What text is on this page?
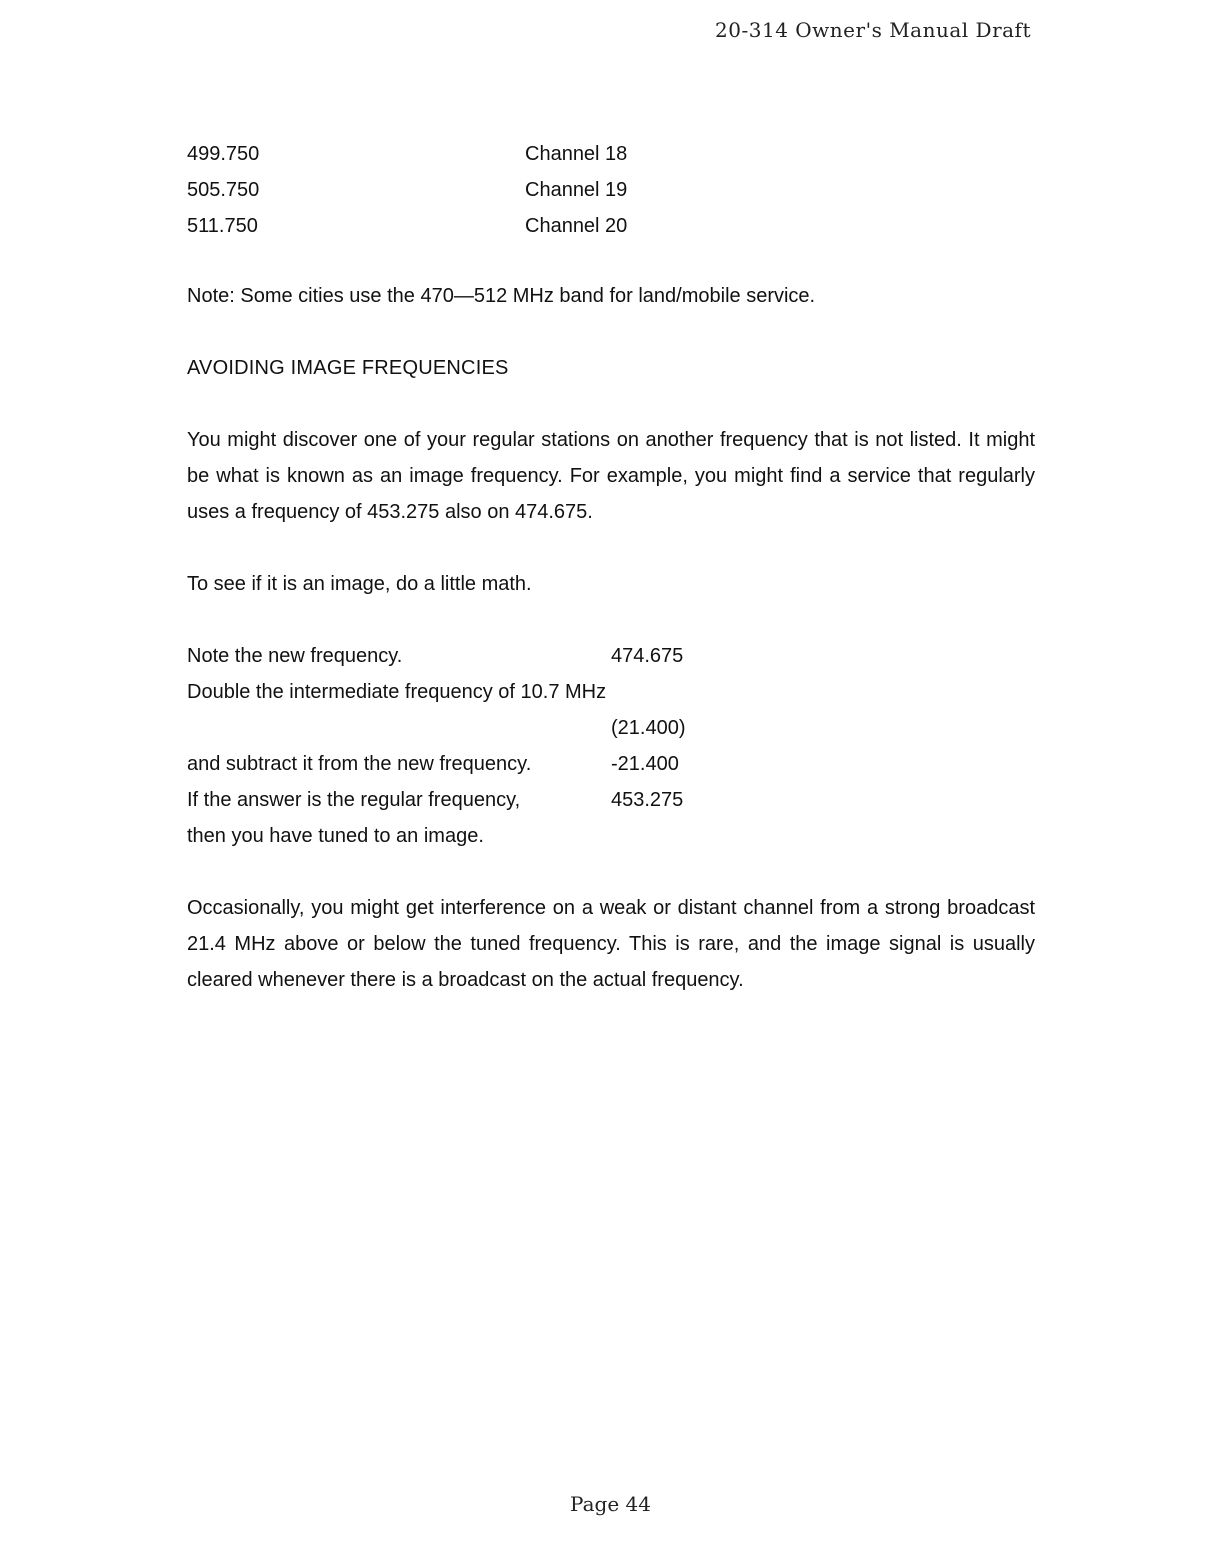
20-314 Owner's Manual Draft
499.750	Channel 18
505.750	Channel 19
511.750	Channel 20
Note: Some cities use the 470—512 MHz band for land/mobile service.
AVOIDING IMAGE FREQUENCIES
You might discover one of your regular stations on another frequency that is not listed. It might be what is known as an image frequency. For example, you might find a service that regularly uses a frequency of 453.275 also on 474.675.
To see if it is an image, do a little math.
Note the new frequency.	474.675
Double the intermediate frequency of 10.7 MHz
(21.400)
and subtract it from the new frequency.	-21.400
If the answer is the regular frequency,	453.275
then you have tuned to an image.
Occasionally, you might get interference on a weak or distant channel from a strong broadcast 21.4 MHz above or below the tuned frequency. This is rare, and the image signal is usually cleared whenever there is a broadcast on the actual frequency.
Page 44
